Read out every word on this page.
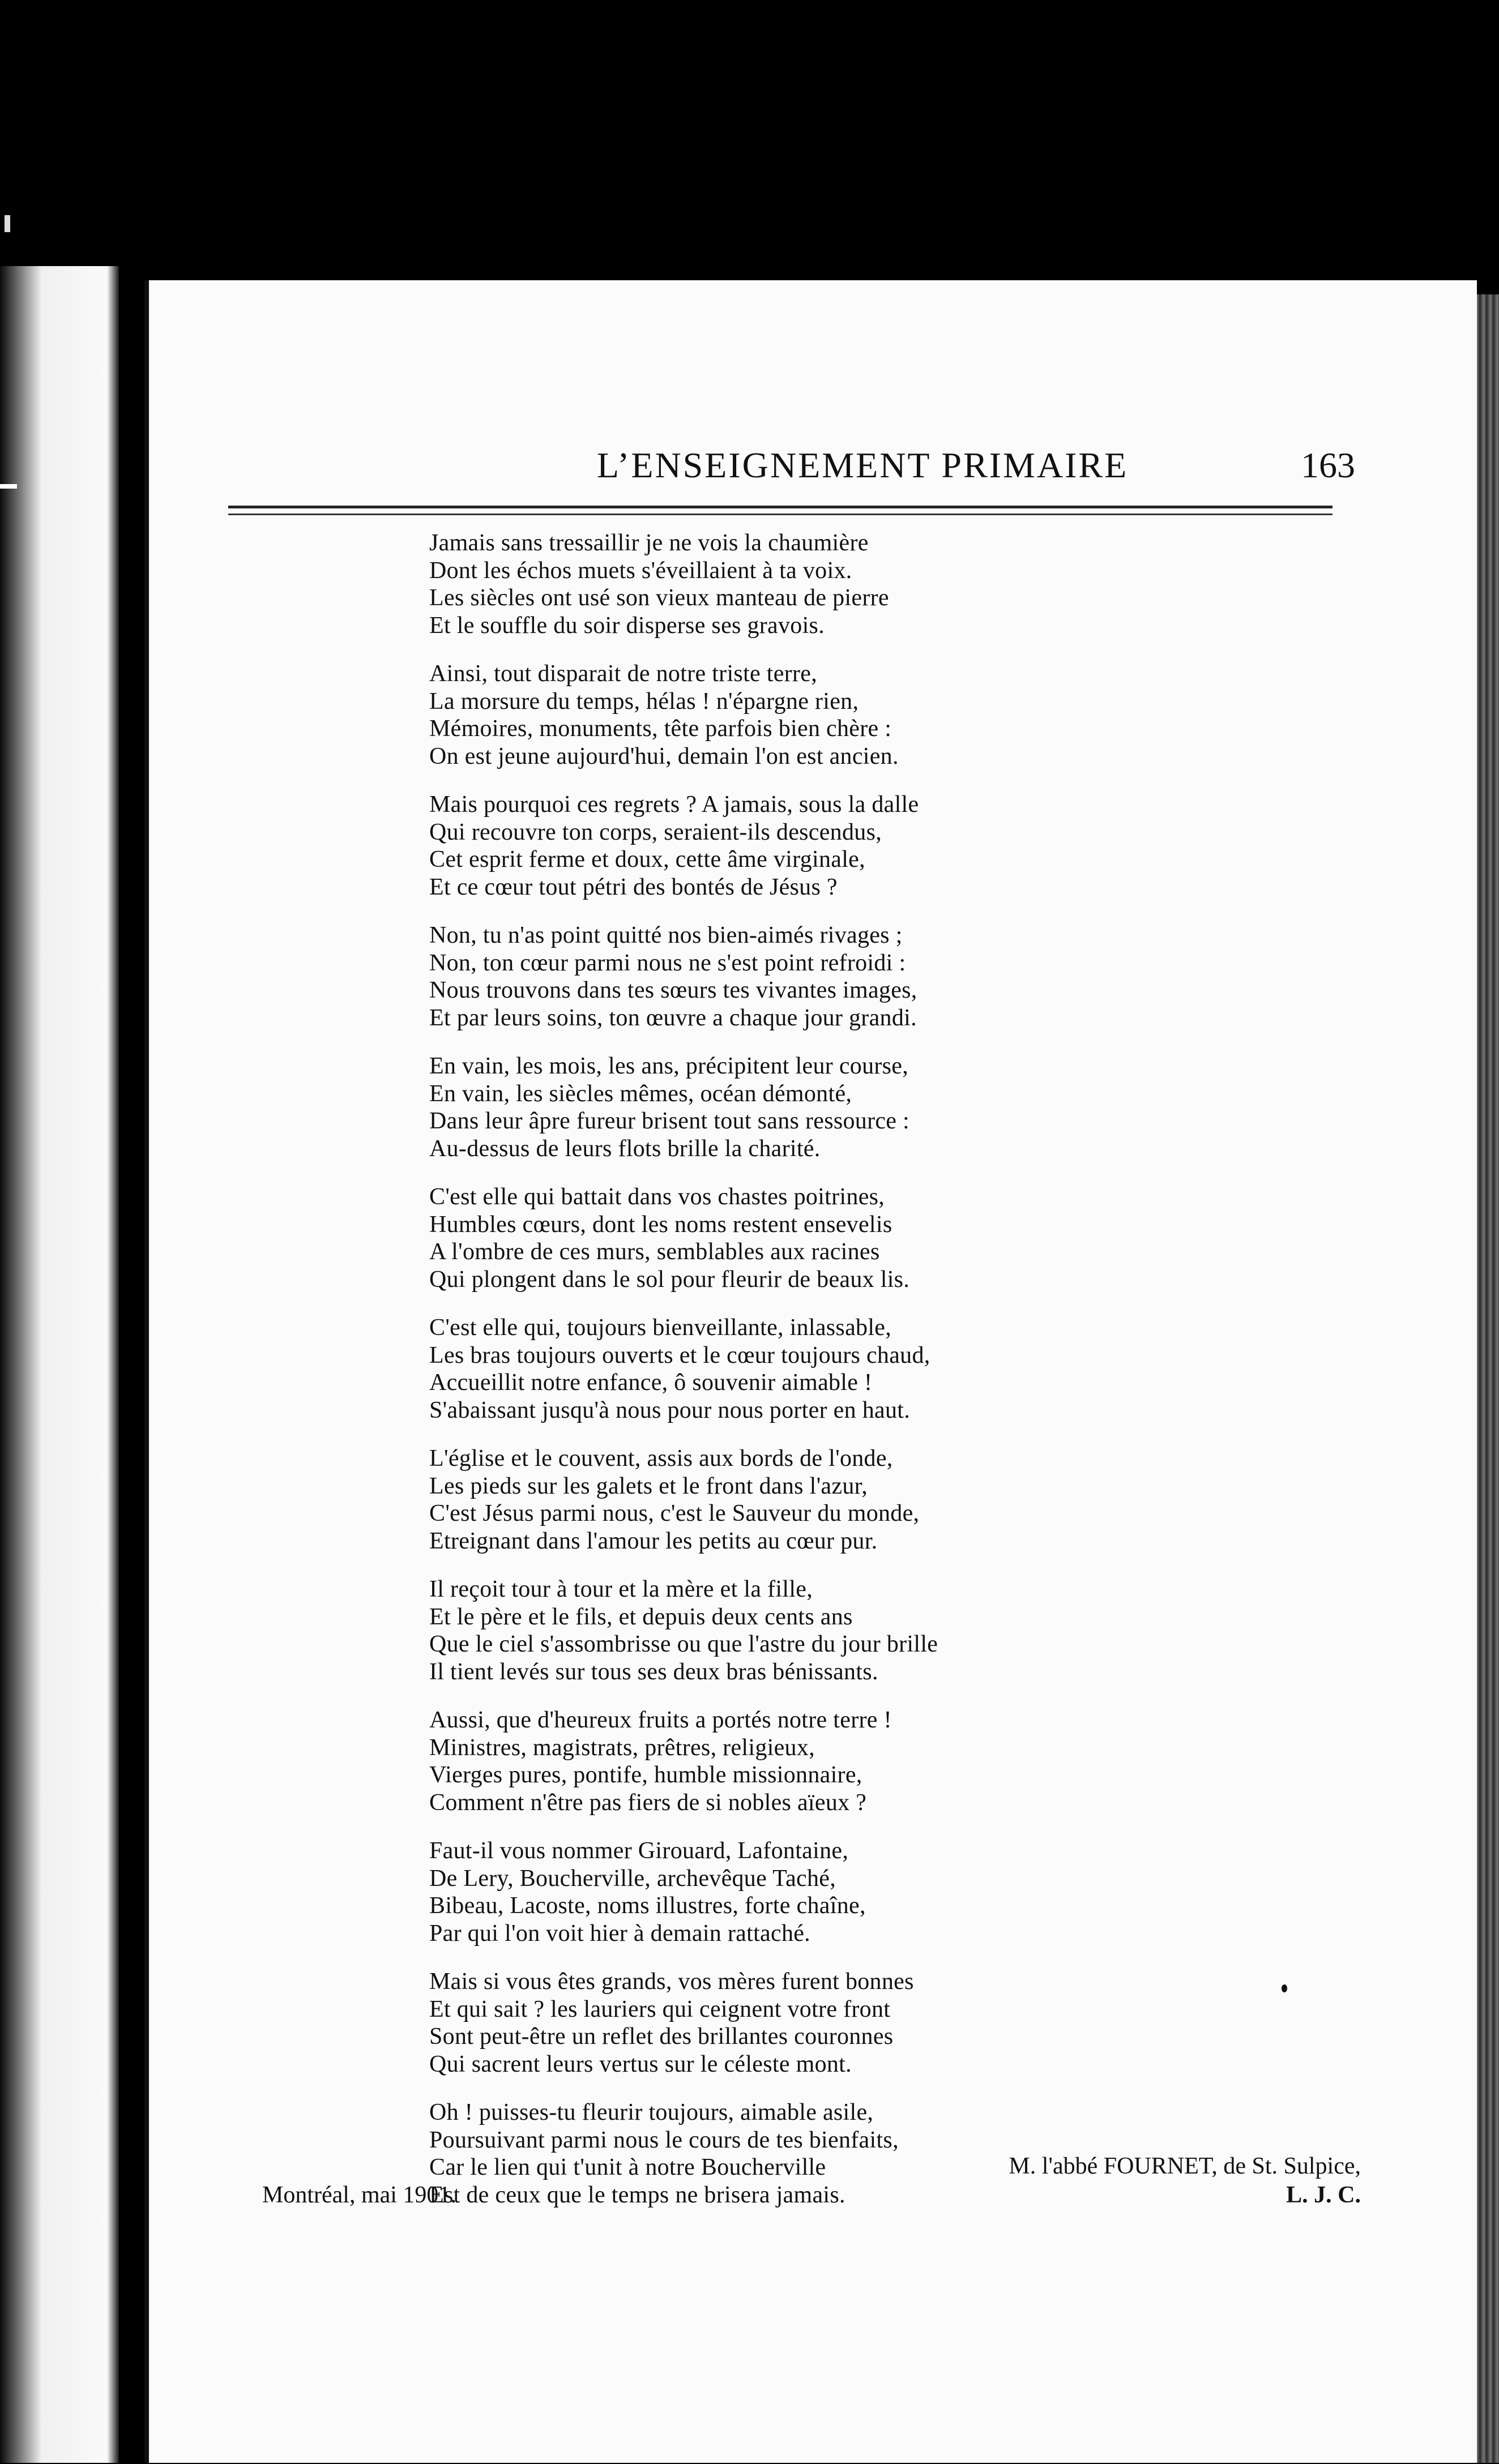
L’ENSEIGNEMENT PRIMAIRE	163
Jamais sans tressaillir je ne vois la chaumière
Dont les échos muets s'éveillaient à ta voix.
Les siècles ont usé son vieux manteau de pierre
Et le souffle du soir disperse ses gravois.
Ainsi, tout disparait de notre triste terre,
La morsure du temps, hélas ! n'épargne rien,
Mémoires, monuments, tête parfois bien chère :
On est jeune aujourd'hui, demain l'on est ancien.
Mais pourquoi ces regrets ? A jamais, sous la dalle
Qui recouvre ton corps, seraient-ils descendus,
Cet esprit ferme et doux, cette âme virginale,
Et ce cœur tout pétri des bontés de Jésus ?
Non, tu n'as point quitté nos bien-aimés rivages ;
Non, ton cœur parmi nous ne s'est point refroidi :
Nous trouvons dans tes sœurs tes vivantes images,
Et par leurs soins, ton œuvre a chaque jour grandi.
En vain, les mois, les ans, précipitent leur course,
En vain, les siècles mêmes, océan démonté,
Dans leur âpre fureur brisent tout sans ressource :
Au-dessus de leurs flots brille la charité.
C'est elle qui battait dans vos chastes poitrines,
Humbles cœurs, dont les noms restent ensevelis
A l'ombre de ces murs, semblables aux racines
Qui plongent dans le sol pour fleurir de beaux lis.
C'est elle qui, toujours bienveillante, inlassable,
Les bras toujours ouverts et le cœur toujours chaud,
Accueillit notre enfance, ô souvenir aimable !
S'abaissant jusqu'à nous pour nous porter en haut.
L'église et le couvent, assis aux bords de l'onde,
Les pieds sur les galets et le front dans l'azur,
C'est Jésus parmi nous, c'est le Sauveur du monde,
Etreignant dans l'amour les petits au cœur pur.
Il reçoit tour à tour et la mère et la fille,
Et le père et le fils, et depuis deux cents ans
Que le ciel s'assombrisse ou que l'astre du jour brille
Il tient levés sur tous ses deux bras bénissants.
Aussi, que d'heureux fruits a portés notre terre !
Ministres, magistrats, prêtres, religieux,
Vierges pures, pontife, humble missionnaire,
Comment n'être pas fiers de si nobles aïeux ?
Faut-il vous nommer Girouard, Lafontaine,
De Lery, Boucherville, archevêque Taché,
Bibeau, Lacoste, noms illustres, forte chaîne,
Par qui l'on voit hier à demain rattaché.
Mais si vous êtes grands, vos mères furent bonnes
Et qui sait ? les lauriers qui ceignent votre front
Sont peut-être un reflet des brillantes couronnes
Qui sacrent leurs vertus sur le céleste mont.
Oh ! puisses-tu fleurir toujours, aimable asile,
Poursuivant parmi nous le cours de tes bienfaits,
Car le lien qui t'unit à notre Boucherville
Est de ceux que le temps ne brisera jamais.
M. l'abbé FOURNET, de St. Sulpice,
Montréal, mai 1901.	L. J. C.
